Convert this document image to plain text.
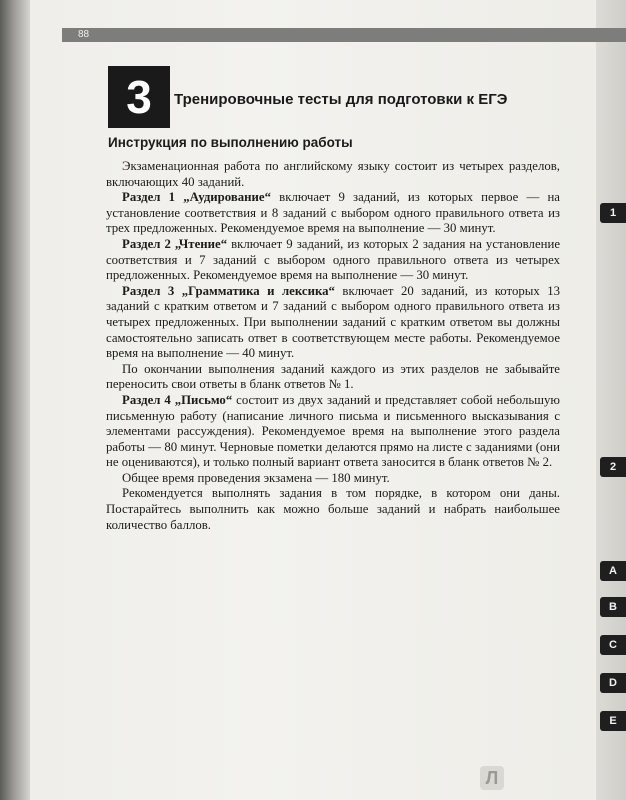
88
3	Тренировочные тесты для подготовки к ЕГЭ
Инструкция по выполнению работы

Экзаменационная работа по английскому языку состоит из четырех разделов, включающих 40 заданий.

Раздел 1 „Аудирование“ включает 9 заданий, из которых первое — на установление соответствия и 8 заданий с выбором одного правильного ответа из трех предложенных. Рекомендуемое время на выполнение — 30 минут.

Раздел 2 „Чтение“ включает 9 заданий, из которых 2 задания на установление соответствия и 7 заданий с выбором одного правильного ответа из четырех предложенных. Рекомендуемое время на выполнение — 30 минут.

Раздел 3 „Грамматика и лексика“ включает 20 заданий, из которых 13 заданий с кратким ответом и 7 заданий с выбором одного правильного ответа из четырех предложенных. При выполнении заданий с кратким ответом вы должны самостоятельно записать ответ в соответствующем месте работы. Рекомендуемое время на выполнение — 40 минут.

По окончании выполнения заданий каждого из этих разделов не забывайте переносить свои ответы в бланк ответов № 1.

Раздел 4 „Письмо“ состоит из двух заданий и представляет собой небольшую письменную работу (написание личного письма и письменного высказывания с элементами рассуждения). Рекомендуемое время на выполнение этого раздела работы — 80 минут. Черновые пометки делаются прямо на листе с заданиями (они не оцениваются), и только полный вариант ответа заносится в бланк ответов № 2.

Общее время проведения экзамена — 180 минут.

Рекомендуется выполнять задания в том порядке, в котором они даны. Постарайтесь выполнить как можно больше заданий и набрать наибольшее количество баллов.

1
2
A
B
C
D
E
Л
